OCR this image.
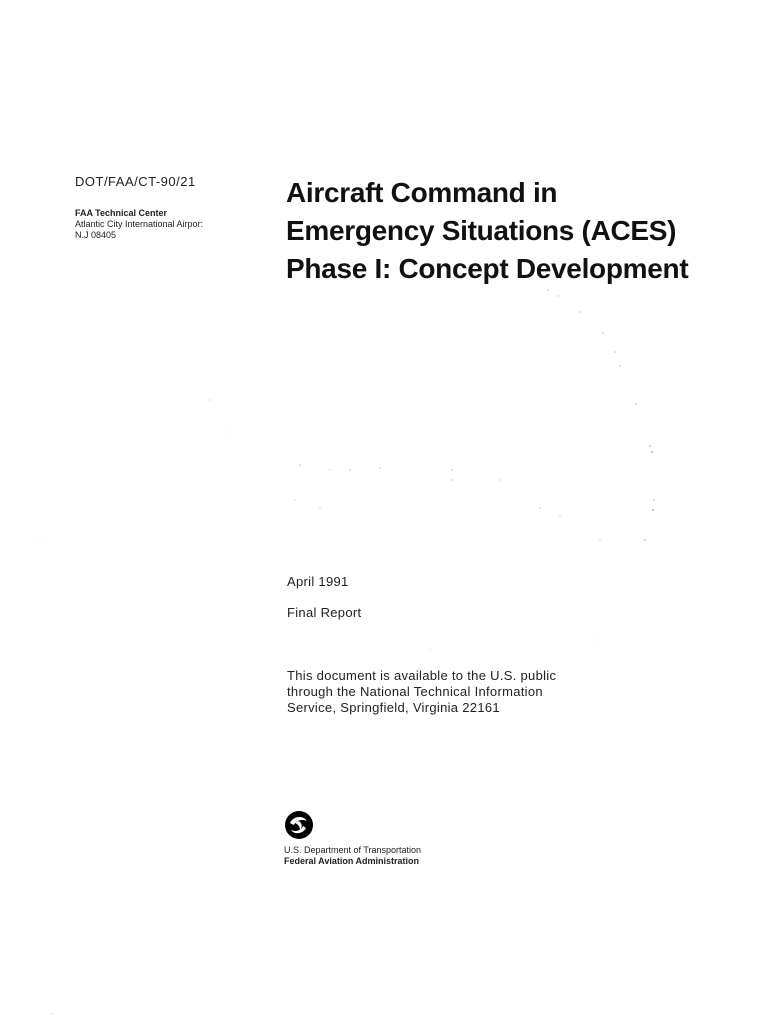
DOT/FAA/CT-90/21
FAA Technical Center
Atlantic City International Airpor:
N.J 08405
Aircraft Command in
Emergency Situations (ACES)
Phase I: Concept Development
April 1991
Final Report
This document is available to the U.S. public
through the National Technical Information
Service, Springfield, Virginia 22161
U.S. Department of Transportation
Federal Aviation Administration
